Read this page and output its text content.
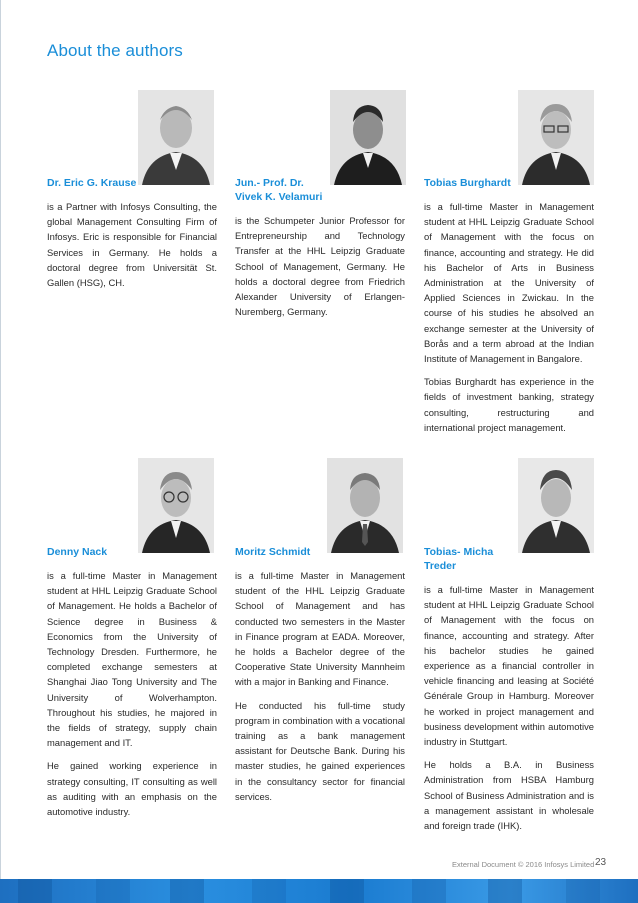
About the authors
Dr. Eric G. Krause

is a Partner with Infosys Consulting, the global Management Consulting Firm of Infosys. Eric is responsible for Financial Services in Germany. He holds a doctoral degree from Universität St. Gallen (HSG), CH.

Jun.- Prof. Dr.
Vivek K. Velamuri

is the Schumpeter Junior Professor for Entrepreneurship and Technology Transfer at the HHL Leipzig Graduate School of Management, Germany. He holds a doctoral degree from Friedrich Alexander University of Erlangen-Nuremberg, Germany.

Tobias Burghardt

is a full-time Master in Management student at HHL Leipzig Graduate School of Management with the focus on finance, accounting and strategy. He did his Bachelor of Arts in Business Administration at the University of Applied Sciences in Zwickau. In the course of his studies he absolved an exchange semester at the University of Borås and a term abroad at the Indian Institute of Management in Bangalore.

Tobias Burghardt has experience in the fields of investment banking, strategy consulting, restructuring and international project management.

Denny Nack

is a full-time Master in Management student at HHL Leipzig Graduate School of Management. He holds a Bachelor of Science degree in Business & Economics from the University of Technology Dresden. Furthermore, he completed exchange semesters at Shanghai Jiao Tong University and The University of Wolverhampton. Throughout his studies, he majored in the fields of strategy, supply chain management and IT.

He gained working experience in strategy consulting, IT consulting as well as auditing with an emphasis on the automotive industry.

Moritz Schmidt

is a full-time Master in Management student of the HHL Leipzig Graduate School of Management and has conducted two semesters in the Master in Finance program at EADA. Moreover, he holds a Bachelor degree of the Cooperative State University Mannheim with a major in Banking and Finance.

He conducted his full-time study program in combination with a vocational training as a bank management assistant for Deutsche Bank. During his master studies, he gained experiences in the consultancy sector for financial services.

Tobias- Micha
Treder

is a full-time Master in Management student at HHL Leipzig Graduate School of Management with the focus on finance, accounting and strategy. After his bachelor studies he gained experience as a financial controller in vehicle financing and leasing at Société Générale Group in Hamburg. Moreover he worked in project management and business development within automotive industry in Stuttgart.

He holds a B.A. in Business Administration from HSBA Hamburg School of Business Administration and is a management assistant in wholesale and foreign trade (IHK).

External Document © 2016 Infosys Limited 23
